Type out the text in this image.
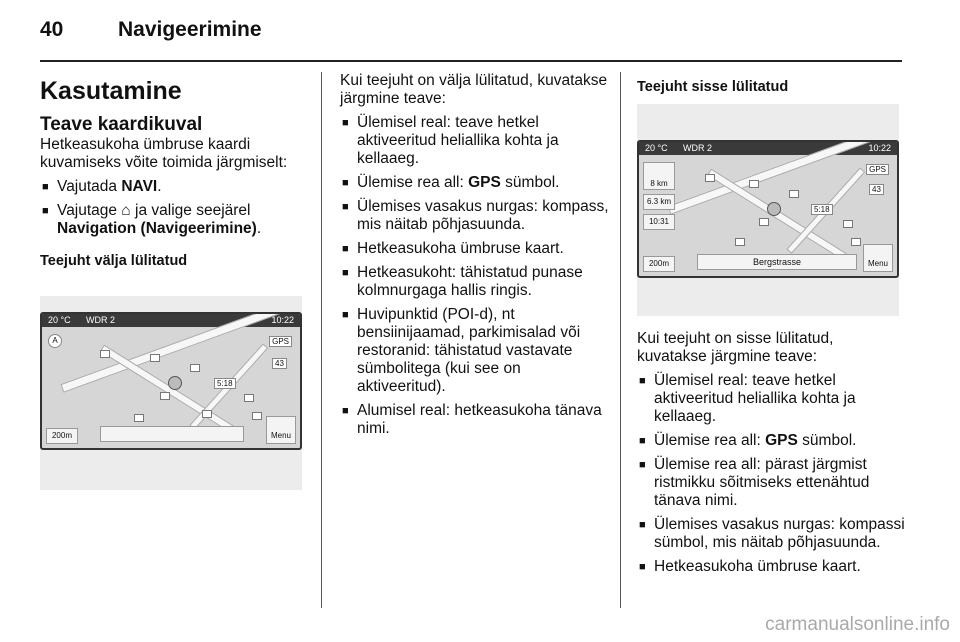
40	Navigeerimine
Kasutamine
Teave kaardikuval

Hetkeasukoha ümbruse kaardi kuvamiseks võite toimida järgmiselt:

■ Vajutada NAVI.
■ Vajutage ⌂ ja valige seejärel
Navigation (Navigeerimine).

Teejuht välja lülitatud

20 °C WDR 2	10:22
A	GPS
5:18
43
200m	Menu

Kui teejuht on välja lülitatud, kuvatakse järgmine teave:

■ Ülemisel real: teave hetkel aktiveeritud heliallika kohta ja kellaaeg.
■ Ülemise rea all: GPS sümbol.
■ Ülemises vasakus nurgas: kompass, mis näitab põhjasuunda.
■ Hetkeasukoha ümbruse kaart.
■ Hetkeasukoht: tähistatud punase kolmnurgaga hallis ringis.
■ Huvipunktid (POI-d), nt bensiinijaamad, parkimisalad või restoranid: tähistatud vastavate sümbolitega (kui see on aktiveeritud).
■ Alumisel real: hetkeasukoha tänava nimi.

Teejuht sisse lülitatud

20 °C WDR 2	10:22
GPS
8 km
6.3 km
10:31
5:18
43
200m	Bergstrasse	Menu

Kui teejuht on sisse lülitatud, kuvatakse järgmine teave:

■ Ülemisel real: teave hetkel aktiveeritud heliallika kohta ja kellaaeg.
■ Ülemise rea all: GPS sümbol.
■ Ülemise rea all: pärast järgmist ristmikku sõitmiseks ettenähtud tänava nimi.
■ Ülemises vasakus nurgas: kompassi sümbol, mis näitab põhjasuunda.
■ Hetkeasukoha ümbruse kaart.
carmanualsonline.info
